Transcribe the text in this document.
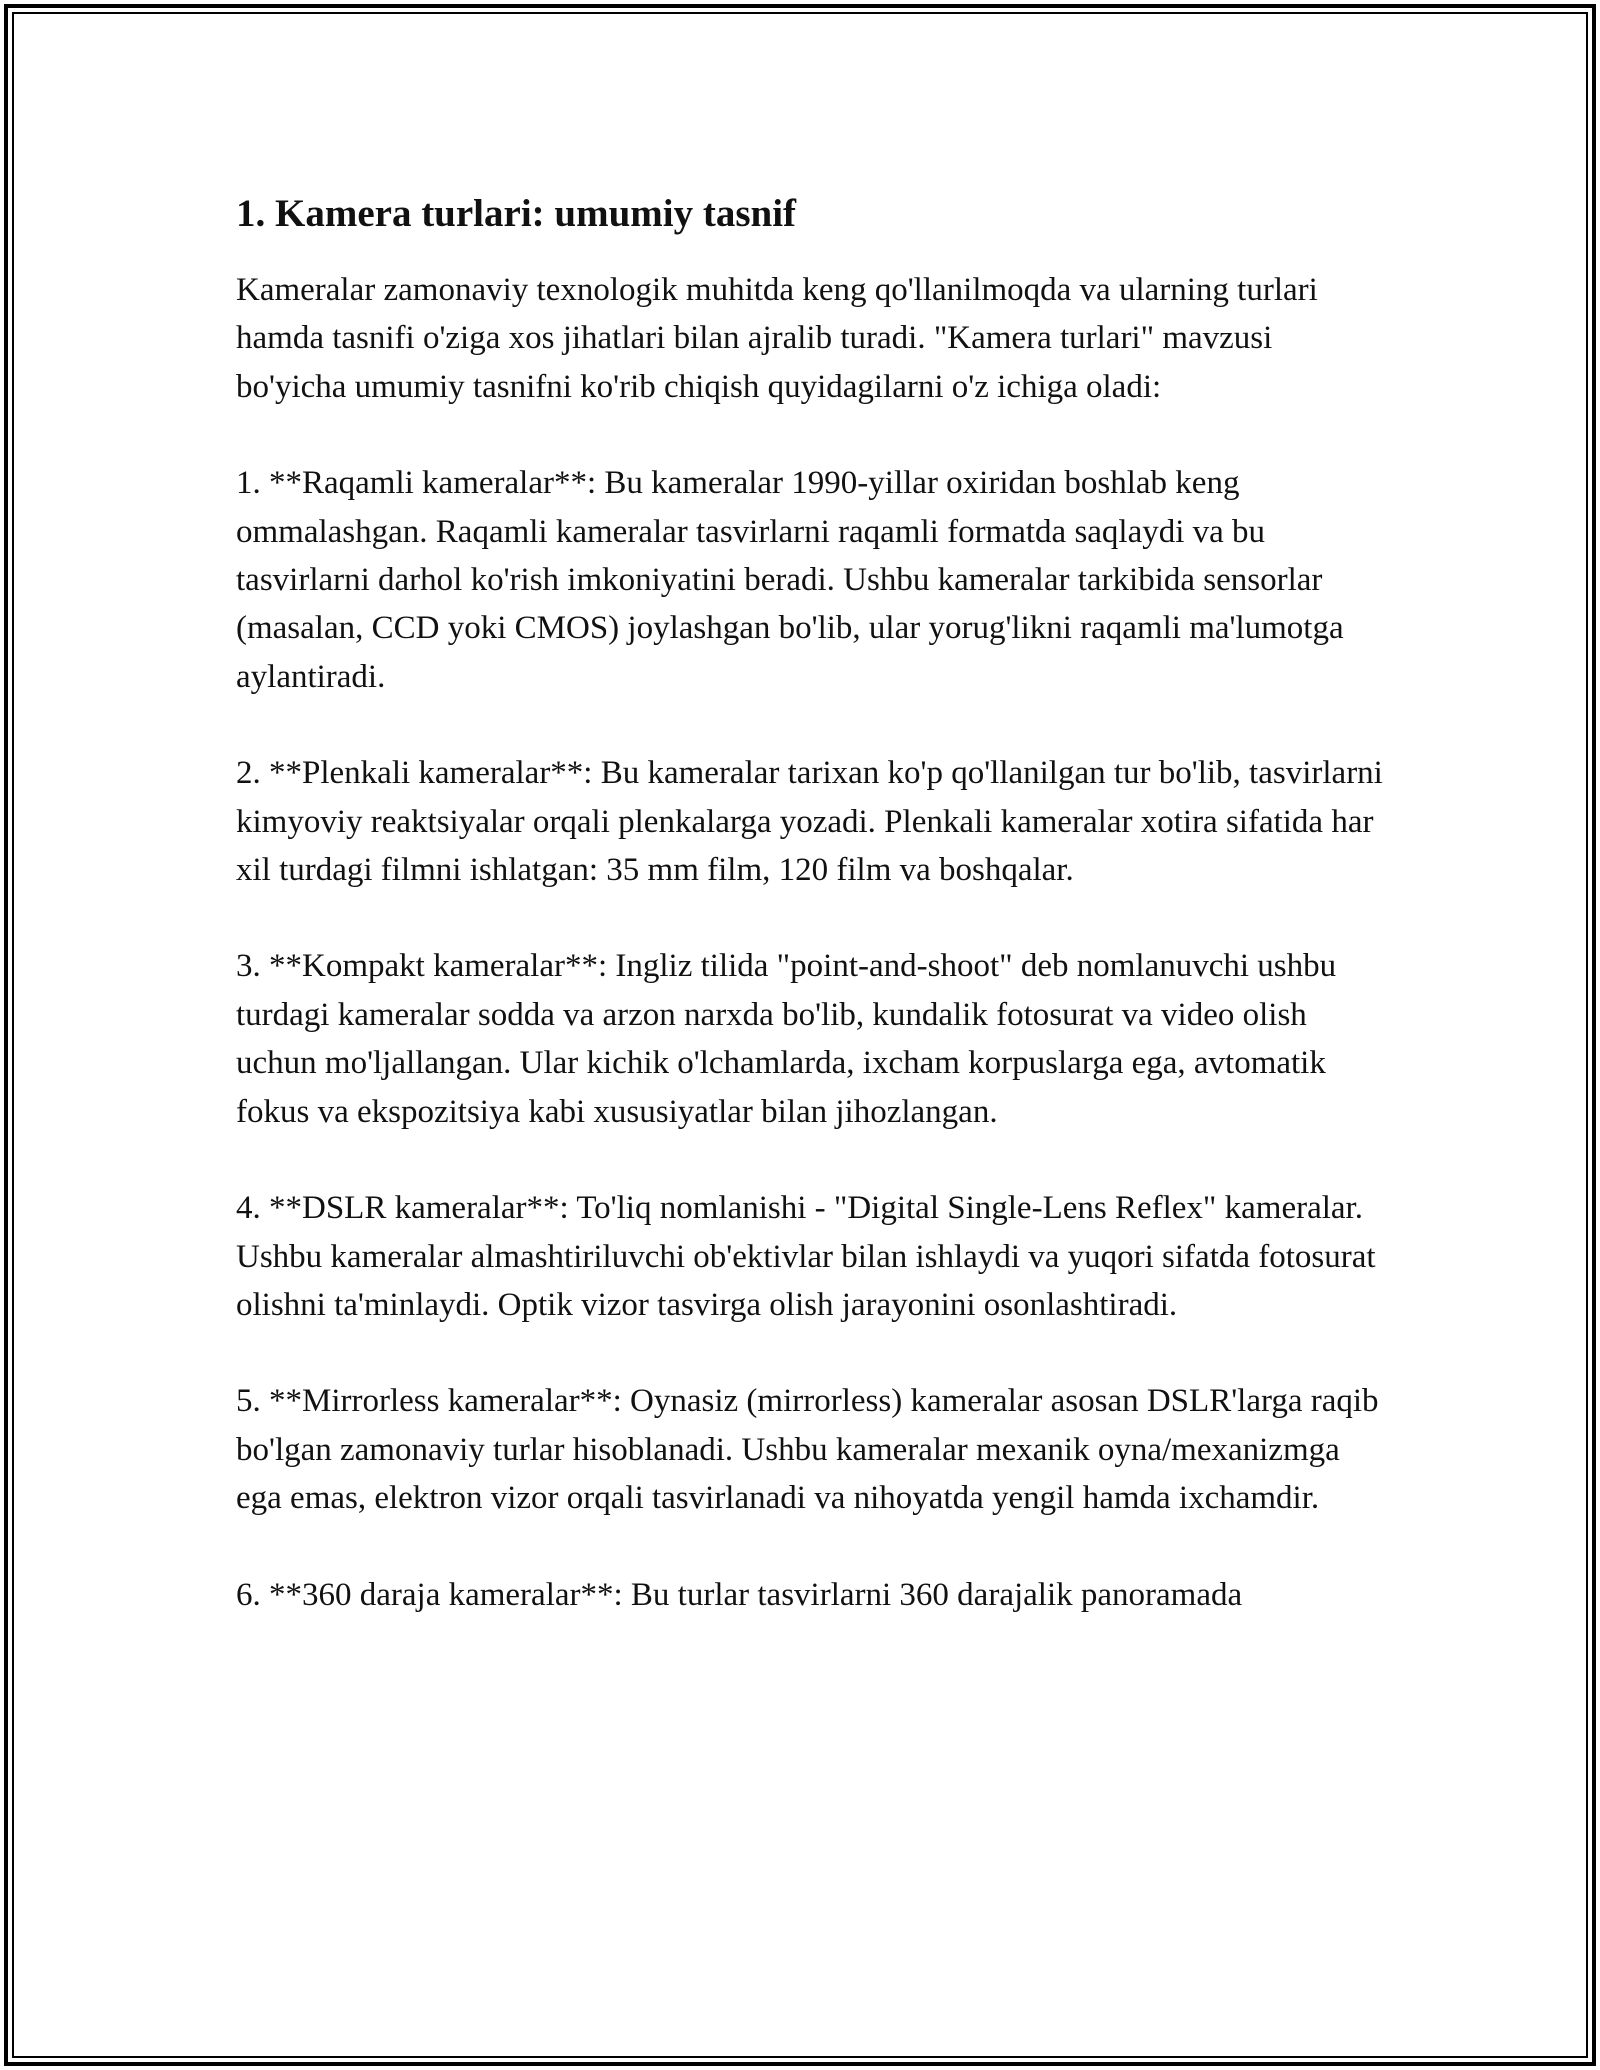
1. Kamera turlari: umumiy tasnif

Kameralar zamonaviy texnologik muhitda keng qo'llanilmoqda va ularning turlari hamda tasnifi o'ziga xos jihatlari bilan ajralib turadi. "Kamera turlari" mavzusi bo'yicha umumiy tasnifni ko'rib chiqish quyidagilarni o'z ichiga oladi:

1. **Raqamli kameralar**: Bu kameralar 1990-yillar oxiridan boshlab keng ommalashgan. Raqamli kameralar tasvirlarni raqamli formatda saqlaydi va bu tasvirlarni darhol ko'rish imkoniyatini beradi. Ushbu kameralar tarkibida sensorlar (masalan, CCD yoki CMOS) joylashgan bo'lib, ular yorug'likni raqamli ma'lumotga aylantiradi.

2. **Plenkali kameralar**: Bu kameralar tarixan ko'p qo'llanilgan tur bo'lib, tasvirlarni kimyoviy reaktsiyalar orqali plenkalarga yozadi. Plenkali kameralar xotira sifatida har xil turdagi filmni ishlatgan: 35 mm film, 120 film va boshqalar.

3. **Kompakt kameralar**: Ingliz tilida "point-and-shoot" deb nomlanuvchi ushbu turdagi kameralar sodda va arzon narxda bo'lib, kundalik fotosurat va video olish uchun mo'ljallangan. Ular kichik o'lchamlarda, ixcham korpuslarga ega, avtomatik fokus va ekspozitsiya kabi xususiyatlar bilan jihozlangan.

4. **DSLR kameralar**: To'liq nomlanishi - "Digital Single-Lens Reflex" kameralar. Ushbu kameralar almashtiriluvchi ob'ektivlar bilan ishlaydi va yuqori sifatda fotosurat olishni ta'minlaydi. Optik vizor tasvirga olish jarayonini osonlashtiradi.

5. **Mirrorless kameralar**: Oynasiz (mirrorless) kameralar asosan DSLR'larga raqib bo'lgan zamonaviy turlar hisoblanadi. Ushbu kameralar mexanik oyna/mexanizmga ega emas, elektron vizor orqali tasvirlanadi va nihoyatda yengil hamda ixchamdir.

6. **360 daraja kameralar**: Bu turlar tasvirlarni 360 darajalik panoramada
